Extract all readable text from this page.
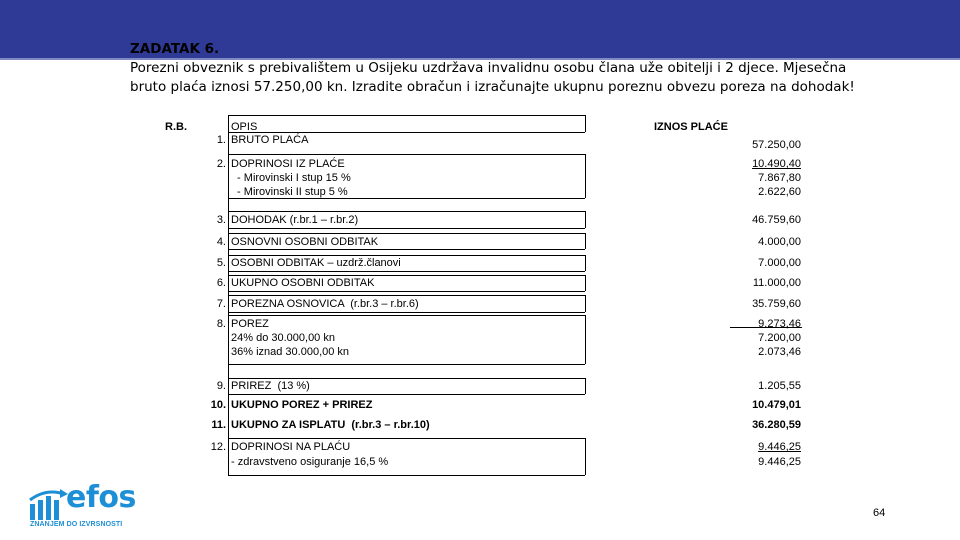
ZADATAK 6.
Porezni obveznik s prebivalištem u Osijeku uzdržava invalidnu osobu člana uže obitelji i 2 djece. Mjesečna bruto plaća iznosi 57.250,00 kn. Izradite obračun i izračunajte ukupnu poreznu obvezu poreza na dohodak!
R.B.	OPIS	IZNOS PLAĆE
1. BRUTO PLAĆA	57.250,00
2. DOPRINOSI IZ PLAĆE	10.490,40
- Mirovinski I stup 15 %	7.867,80
- Mirovinski II stup 5 %	2.622,60
3. DOHODAK (r.br.1 – r.br.2)	46.759,60
4. OSNOVNI OSOBNI ODBITAK	4.000,00
5. OSOBNI ODBITAK – uzdrž.članovi	7.000,00
6. UKUPNO OSOBNI ODBITAK	11.000,00
7. POREZNA OSNOVICA  (r.br.3 – r.br.6)	35.759,60
8. POREZ	9.273,46
24% do 30.000,00 kn	7.200,00
36% iznad 30.000,00 kn	2.073,46
9. PRIREZ  (13 %)	1.205,55
10. UKUPNO POREZ + PRIREZ	10.479,01
11. UKUPNO ZA ISPLATU  (r.br.3 – r.br.10)	36.280,59
12. DOPRINOSI NA PLAĆU	9.446,25
- zdravstveno osiguranje 16,5 %	9.446,25
efos
ZNANJEM DO IZVRSNOSTI
64
